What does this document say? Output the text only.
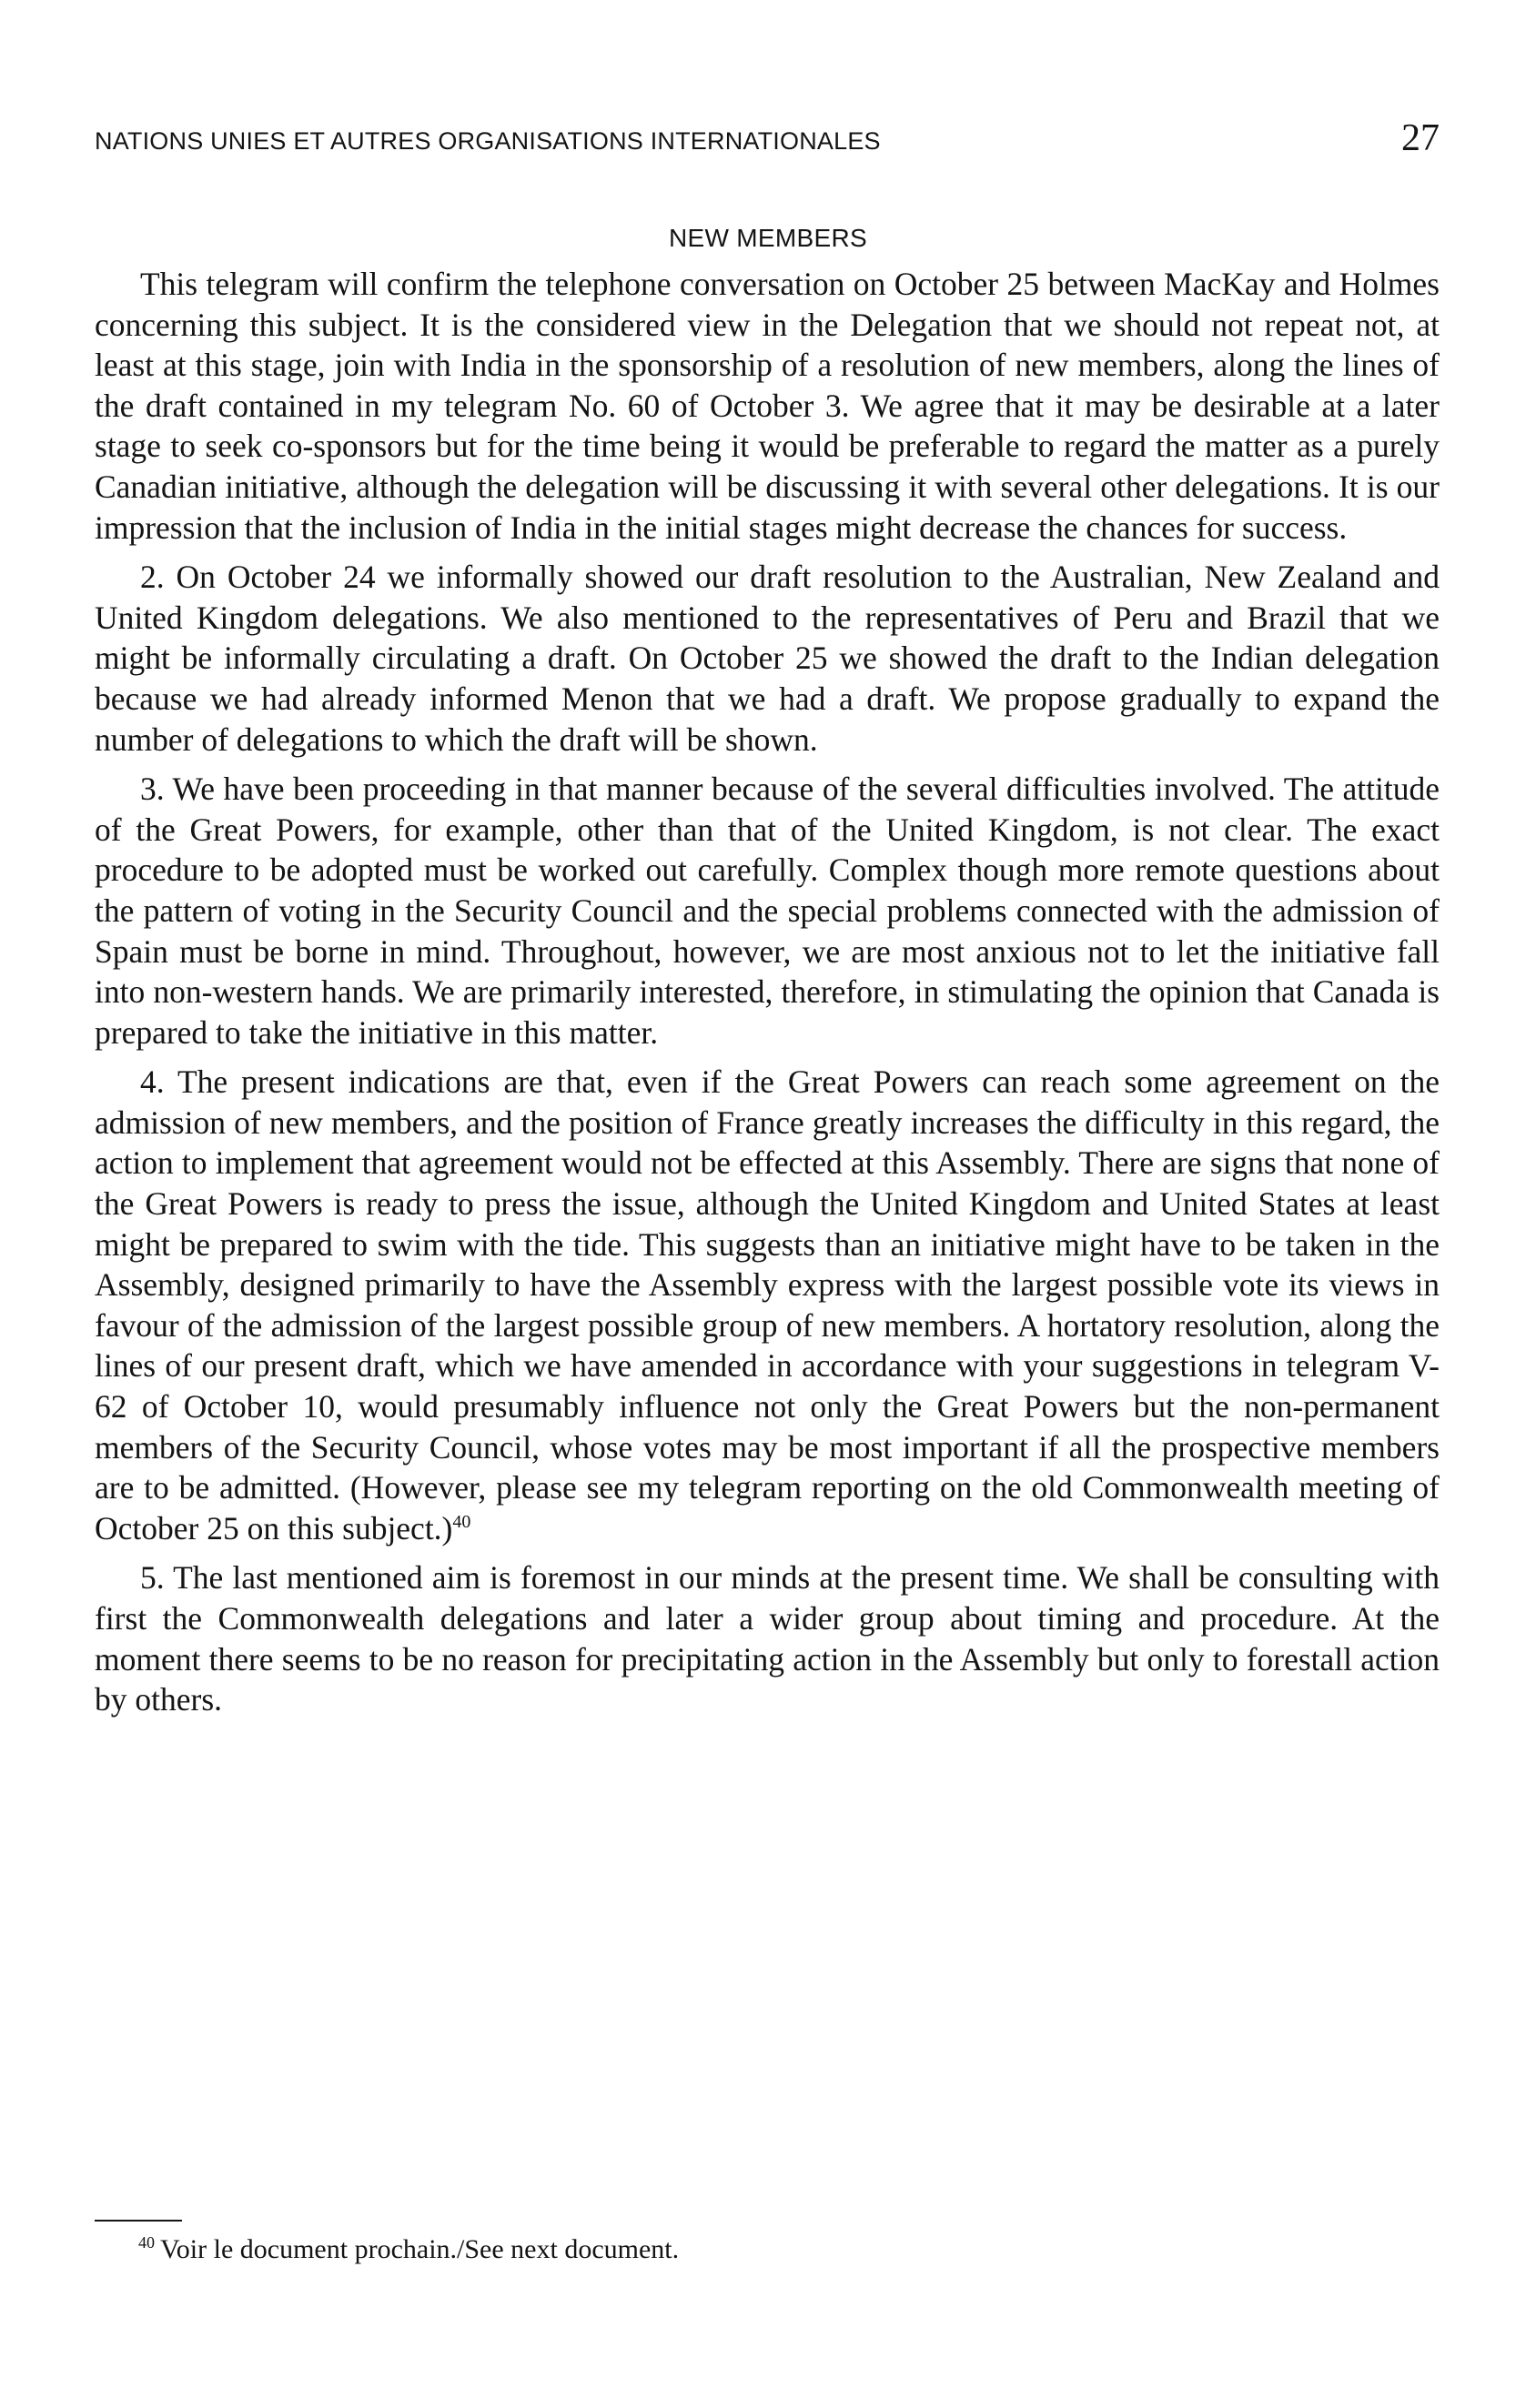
NATIONS UNIES ET AUTRES ORGANISATIONS INTERNATIONALES	27
NEW MEMBERS

This telegram will confirm the telephone conversation on October 25 between MacKay and Holmes concerning this subject. It is the considered view in the Delegation that we should not repeat not, at least at this stage, join with India in the sponsorship of a resolution of new members, along the lines of the draft contained in my telegram No. 60 of October 3. We agree that it may be desirable at a later stage to seek co-sponsors but for the time being it would be preferable to regard the matter as a purely Canadian initiative, although the delegation will be discussing it with several other delegations. It is our impression that the inclusion of India in the initial stages might decrease the chances for success.

2. On October 24 we informally showed our draft resolution to the Australian, New Zealand and United Kingdom delegations. We also mentioned to the representatives of Peru and Brazil that we might be informally circulating a draft. On October 25 we showed the draft to the Indian delegation because we had already informed Menon that we had a draft. We propose gradually to expand the number of delegations to which the draft will be shown.

3. We have been proceeding in that manner because of the several difficulties involved. The attitude of the Great Powers, for example, other than that of the United Kingdom, is not clear. The exact procedure to be adopted must be worked out carefully. Complex though more remote questions about the pattern of voting in the Security Council and the special problems connected with the admission of Spain must be borne in mind. Throughout, however, we are most anxious not to let the initiative fall into non-western hands. We are primarily interested, therefore, in stimulating the opinion that Canada is prepared to take the initiative in this matter.

4. The present indications are that, even if the Great Powers can reach some agreement on the admission of new members, and the position of France greatly increases the difficulty in this regard, the action to implement that agreement would not be effected at this Assembly. There are signs that none of the Great Powers is ready to press the issue, although the United Kingdom and United States at least might be prepared to swim with the tide. This suggests than an initiative might have to be taken in the Assembly, designed primarily to have the Assembly express with the largest possible vote its views in favour of the admission of the largest possible group of new members. A hortatory resolution, along the lines of our present draft, which we have amended in accordance with your suggestions in telegram V-62 of October 10, would presumably influence not only the Great Powers but the non-permanent members of the Security Council, whose votes may be most important if all the prospective members are to be admitted. (However, please see my telegram reporting on the old Commonwealth meeting of October 25 on this subject.)$^{40}$

5. The last mentioned aim is foremost in our minds at the present time. We shall be consulting with first the Commonwealth delegations and later a wider group about timing and procedure. At the moment there seems to be no reason for precipitating action in the Assembly but only to forestall action by others.

$^{40}$ Voir le document prochain./See next document.
